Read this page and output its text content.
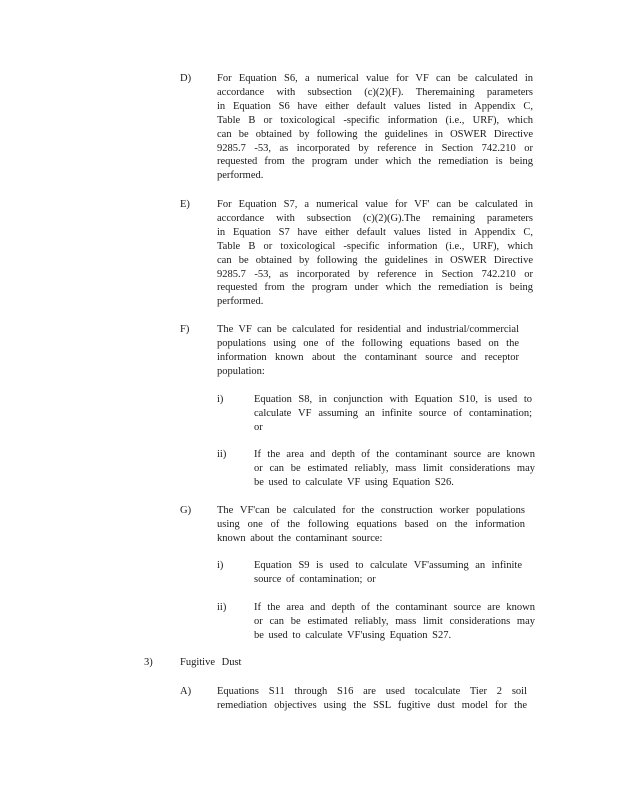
D) For Equation S6, a numerical value for VF can be calculated in
accordance with subsection (c)(2)(F). Theremaining parameters
in Equation S6 have either default values listed in Appendix C,
Table B or toxicological -specific information (i.e., URF), which
can be obtained by following the guidelines in OSWER Directive
9285.7 -53, as incorporated by reference in Section 742.210 or
requested from the program under which the remediation is being
performed.
E)	For Equation S7, a numerical value for VF' can be calculated in
accordance with subsection (c)(2)(G).The remaining parameters
in Equation S7 have either default values listed in Appendix C,
Table B or toxicological -specific information (i.e., URF), which
can be obtained by following the guidelines in OSWER Directive
9285.7 -53, as incorporated by reference in Section 742.210 or
requested from the program under which the remediation is being
performed.
F)	The VF can be calculated for residential and industrial/commercial
populations using one of the following equations based on the
information known about the contaminant source and receptor
population:
i)	Equation S8, in conjunction with Equation S10, is used to
calculate VF assuming an infinite source of contamination;
or
ii)	If the area and depth of the contaminant source are known
or can be estimated reliably, mass limit considerations may
be used to calculate VF using Equation S26.
G) The VF'can be calculated for the construction worker populations
using one of the following equations based on the information
known about the contaminant source:
i)	Equation S9 is used to calculate VF'assuming an infinite
source of contamination; or
ii)	If the area and depth of the contaminant source are known
or can be estimated reliably, mass limit considerations may
be used to calculate VF'using Equation S27.
3)	Fugitive Dust
A) Equations S11 through S16 are used tocalculate Tier 2 soil
remediation objectives using the SSL fugitive dust model for the
